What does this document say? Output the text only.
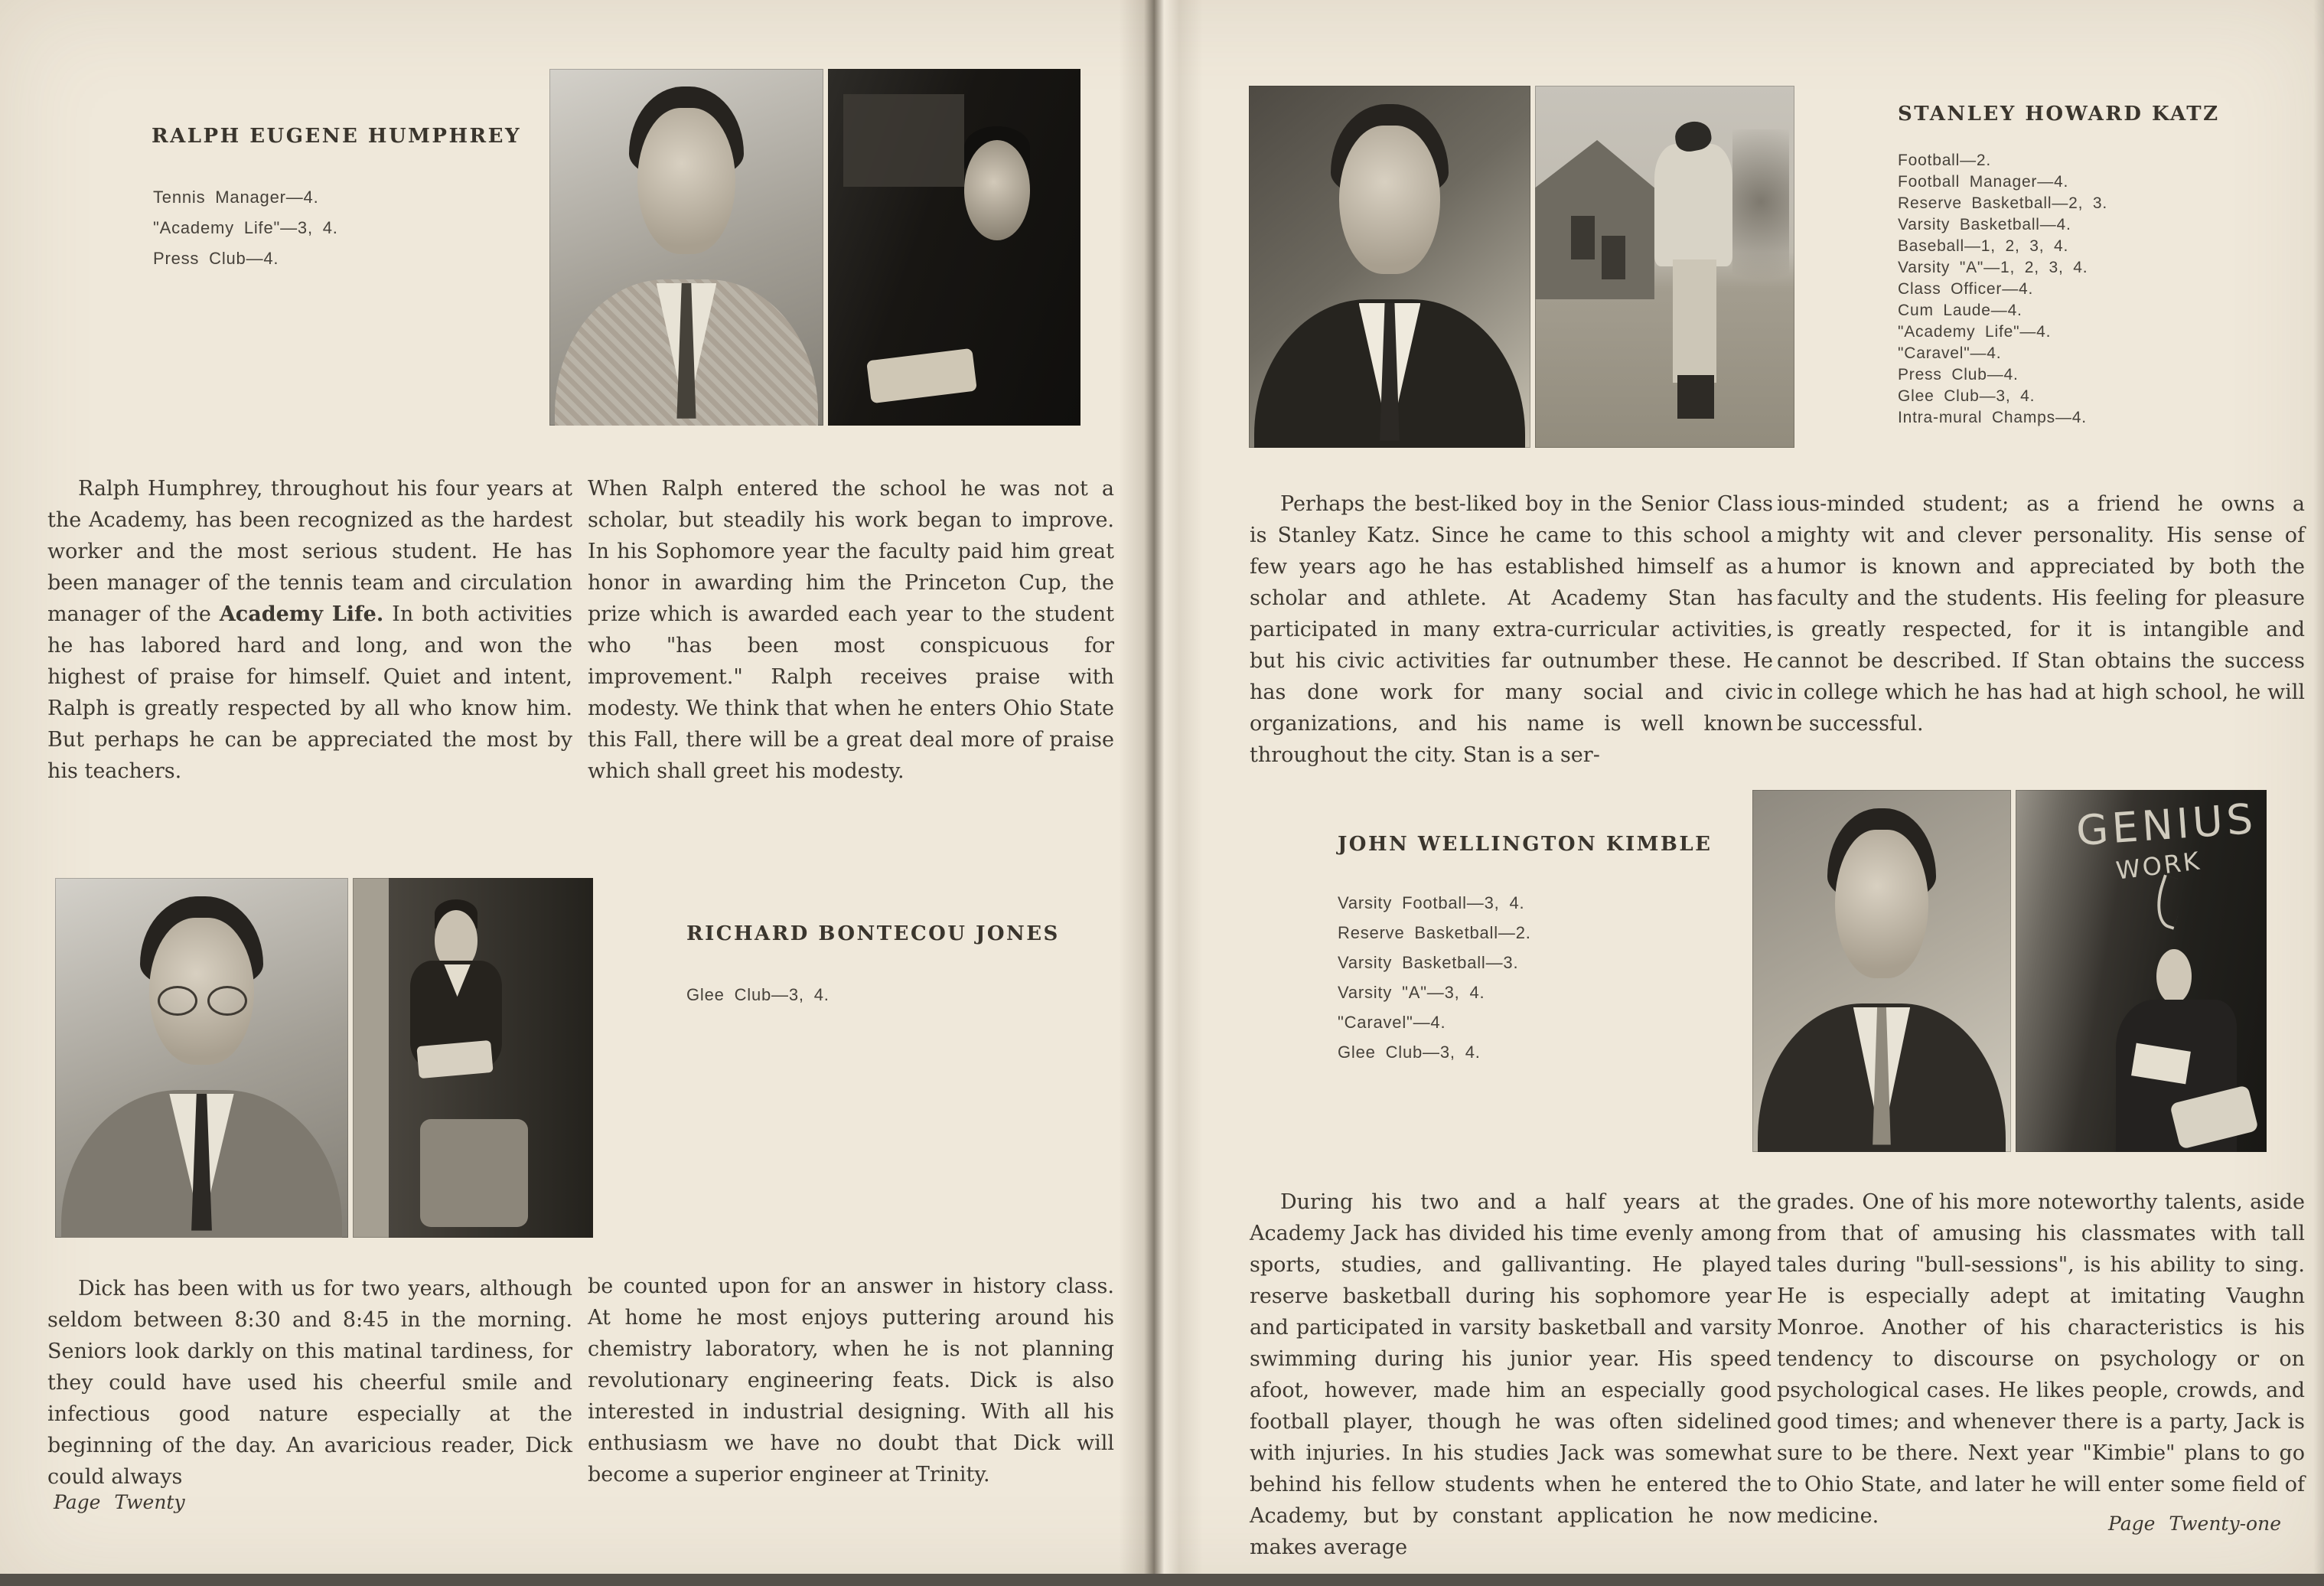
RALPH EUGENE HUMPHREY
Tennis Manager—4.
"Academy Life"—3, 4.
Press Club—4.

Ralph Humphrey, throughout his four years at the Academy, has been recognized as the hardest worker and the most serious student. He has been manager of the tennis team and circulation manager of the Academy Life. In both activities he has labored hard and long, and won the highest of praise for himself. Quiet and intent, Ralph is greatly respected by all who know him. But perhaps he can be appreciated the most by his teachers.

When Ralph entered the school he was not a scholar, but steadily his work began to improve. In his Sophomore year the faculty paid him great honor in awarding him the Princeton Cup, the prize which is awarded each year to the student who "has been most conspicuous for improvement." Ralph receives praise with modesty. We think that when he enters Ohio State this Fall, there will be a great deal more of praise which shall greet his modesty.

RICHARD BONTECOU JONES
Glee Club—3, 4.

Dick has been with us for two years, although seldom between 8:30 and 8:45 in the morning. Seniors look darkly on this matinal tardiness, for they could have used his cheerful smile and infectious good nature especially at the beginning of the day. An avaricious reader, Dick could always

be counted upon for an answer in history class. At home he most enjoys puttering around his chemistry laboratory, when he is not planning revolutionary engineering feats. Dick is also interested in industrial designing. With all his enthusiasm we have no doubt that Dick will become a superior engineer at Trinity.

Page Twenty

STANLEY HOWARD KATZ
Football—2.
Football Manager—4.
Reserve Basketball—2, 3.
Varsity Basketball—4.
Baseball—1, 2, 3, 4.
Varsity "A"—1, 2, 3, 4.
Class Officer—4.
Cum Laude—4.
"Academy Life"—4.
"Caravel"—4.
Press Club—4.
Glee Club—3, 4.
Intra-mural Champs—4.

Perhaps the best-liked boy in the Senior Class is Stanley Katz. Since he came to this school a few years ago he has established himself as a scholar and athlete. At Academy Stan has participated in many extra-curricular activities, but his civic activities far outnumber these. He has done work for many social and civic organizations, and his name is well known throughout the city. Stan is a ser-

ious-minded student; as a friend he owns a mighty wit and clever personality. His sense of humor is known and appreciated by both the faculty and the students. His feeling for pleasure is greatly respected, for it is intangible and cannot be described. If Stan obtains the success in college which he has had at high school, he will be successful.

JOHN WELLINGTON KIMBLE
Varsity Football—3, 4.
Reserve Basketball—2.
Varsity Basketball—3.
Varsity "A"—3, 4.
"Caravel"—4.
Glee Club—3, 4.
GENIUS
WORK

During his two and a half years at the Academy Jack has divided his time evenly among sports, studies, and gallivanting. He played reserve basketball during his sophomore year and participated in varsity basketball and varsity swimming during his junior year. His speed afoot, however, made him an especially good football player, though he was often sidelined with injuries. In his studies Jack was somewhat behind his fellow students when he entered the Academy, but by constant application he now makes average

grades. One of his more noteworthy talents, aside from that of amusing his classmates with tall tales during "bull-sessions", is his ability to sing. He is especially adept at imitating Vaughn Monroe. Another of his characteristics is his tendency to discourse on psychology or on psychological cases. He likes people, crowds, and good times; and whenever there is a party, Jack is sure to be there. Next year "Kimbie" plans to go to Ohio State, and later he will enter some field of medicine.	Page Twenty-one
